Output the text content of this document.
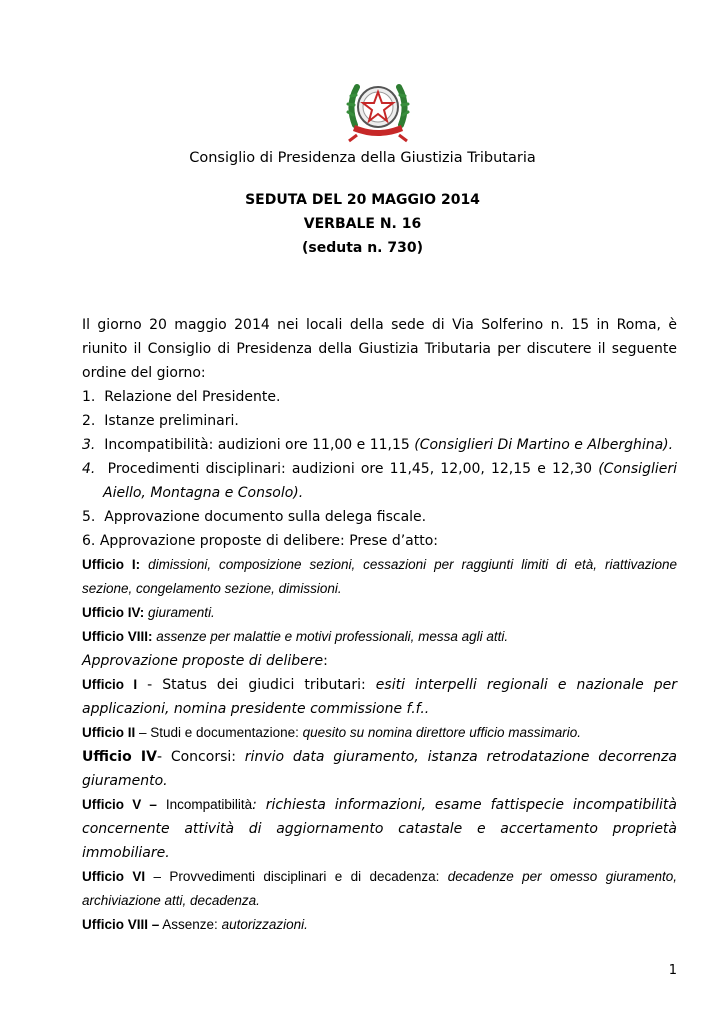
Consiglio di Presidenza della Giustizia Tributaria
SEDUTA DEL 20 MAGGIO 2014
VERBALE N. 16
(seduta n. 730)

Il giorno 20 maggio 2014 nei locali della sede di Via Solferino n. 15 in Roma, è riunito il Consiglio di Presidenza della Giustizia Tributaria per discutere il seguente ordine del giorno:

1. Relazione del Presidente.
2. Istanze preliminari.
3. Incompatibilità: audizioni ore 11,00 e 11,15 (Consiglieri Di Martino e Alberghina).

4. Procedimenti disciplinari: audizioni ore 11,45, 12,00, 12,15 e 12,30 (Consiglieri Aiello, Montagna e Consolo).

5. Approvazione documento sulla delega fiscale.
6. Approvazione proposte di delibere: Prese d’atto:

Ufficio I: dimissioni, composizione sezioni, cessazioni per raggiunti limiti di età, riattivazione sezione, congelamento sezione, dimissioni.

Ufficio IV: giuramenti.

Ufficio VIII: assenze per malattie e motivi professionali, messa agli atti.

Approvazione proposte di delibere:

Ufficio I - Status dei giudici tributari: esiti interpelli regionali e nazionale per applicazioni, nomina presidente commissione f.f..

Ufficio II – Studi e documentazione: quesito su nomina direttore ufficio massimario.

Ufficio IV- Concorsi: rinvio data giuramento, istanza retrodatazione decorrenza giuramento.

Ufficio V – Incompatibilità: richiesta informazioni, esame fattispecie incompatibilità concernente attività di aggiornamento catastale e accertamento proprietà immobiliare.

Ufficio VI – Provvedimenti disciplinari e di decadenza: decadenze per omesso giuramento, archiviazione atti, decadenza.

Ufficio VIII – Assenze: autorizzazioni.

1
